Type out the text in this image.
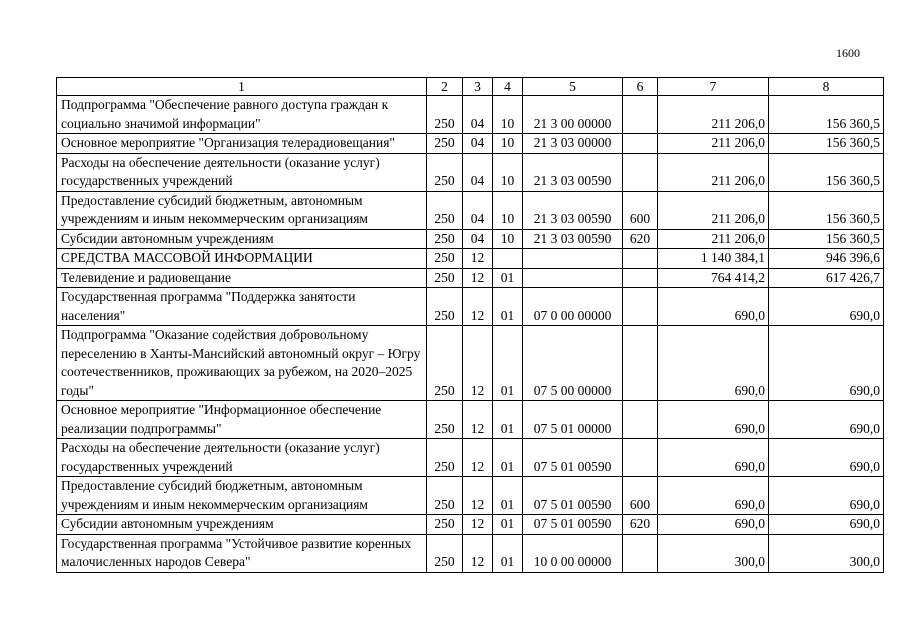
1600
1	2	3	4	5	6	7	8
Подпрограмма "Обеспечение равного доступа граждан к социально значимой информации"	250	04	10	21 3 00 00000		211 206,0	156 360,5
Основное мероприятие "Организация телерадиовещания"	250	04	10	21 3 03 00000		211 206,0	156 360,5
Расходы на обеспечение деятельности (оказание услуг) государственных учреждений	250	04	10	21 3 03 00590		211 206,0	156 360,5
Предоставление субсидий бюджетным, автономным учреждениям и иным некоммерческим организациям	250	04	10	21 3 03 00590	600	211 206,0	156 360,5
Субсидии автономным учреждениям	250	04	10	21 3 03 00590	620	211 206,0	156 360,5
СРЕДСТВА МАССОВОЙ ИНФОРМАЦИИ	250	12				1 140 384,1	946 396,6
Телевидение и радиовещание	250	12	01			764 414,2	617 426,7
Государственная программа "Поддержка занятости населения"	250	12	01	07 0 00 00000		690,0	690,0
Подпрограмма "Оказание содействия добровольному переселению в Ханты-Мансийский автономный округ – Югру соотечественников, проживающих за рубежом, на 2020–2025 годы"	250	12	01	07 5 00 00000		690,0	690,0
Основное мероприятие "Информационное обеспечение реализации подпрограммы"	250	12	01	07 5 01 00000		690,0	690,0
Расходы на обеспечение деятельности (оказание услуг) государственных учреждений	250	12	01	07 5 01 00590		690,0	690,0
Предоставление субсидий бюджетным, автономным учреждениям и иным некоммерческим организациям	250	12	01	07 5 01 00590	600	690,0	690,0
Субсидии автономным учреждениям	250	12	01	07 5 01 00590	620	690,0	690,0
Государственная программа "Устойчивое развитие коренных малочисленных народов Севера"	250	12	01	10 0 00 00000		300,0	300,0
